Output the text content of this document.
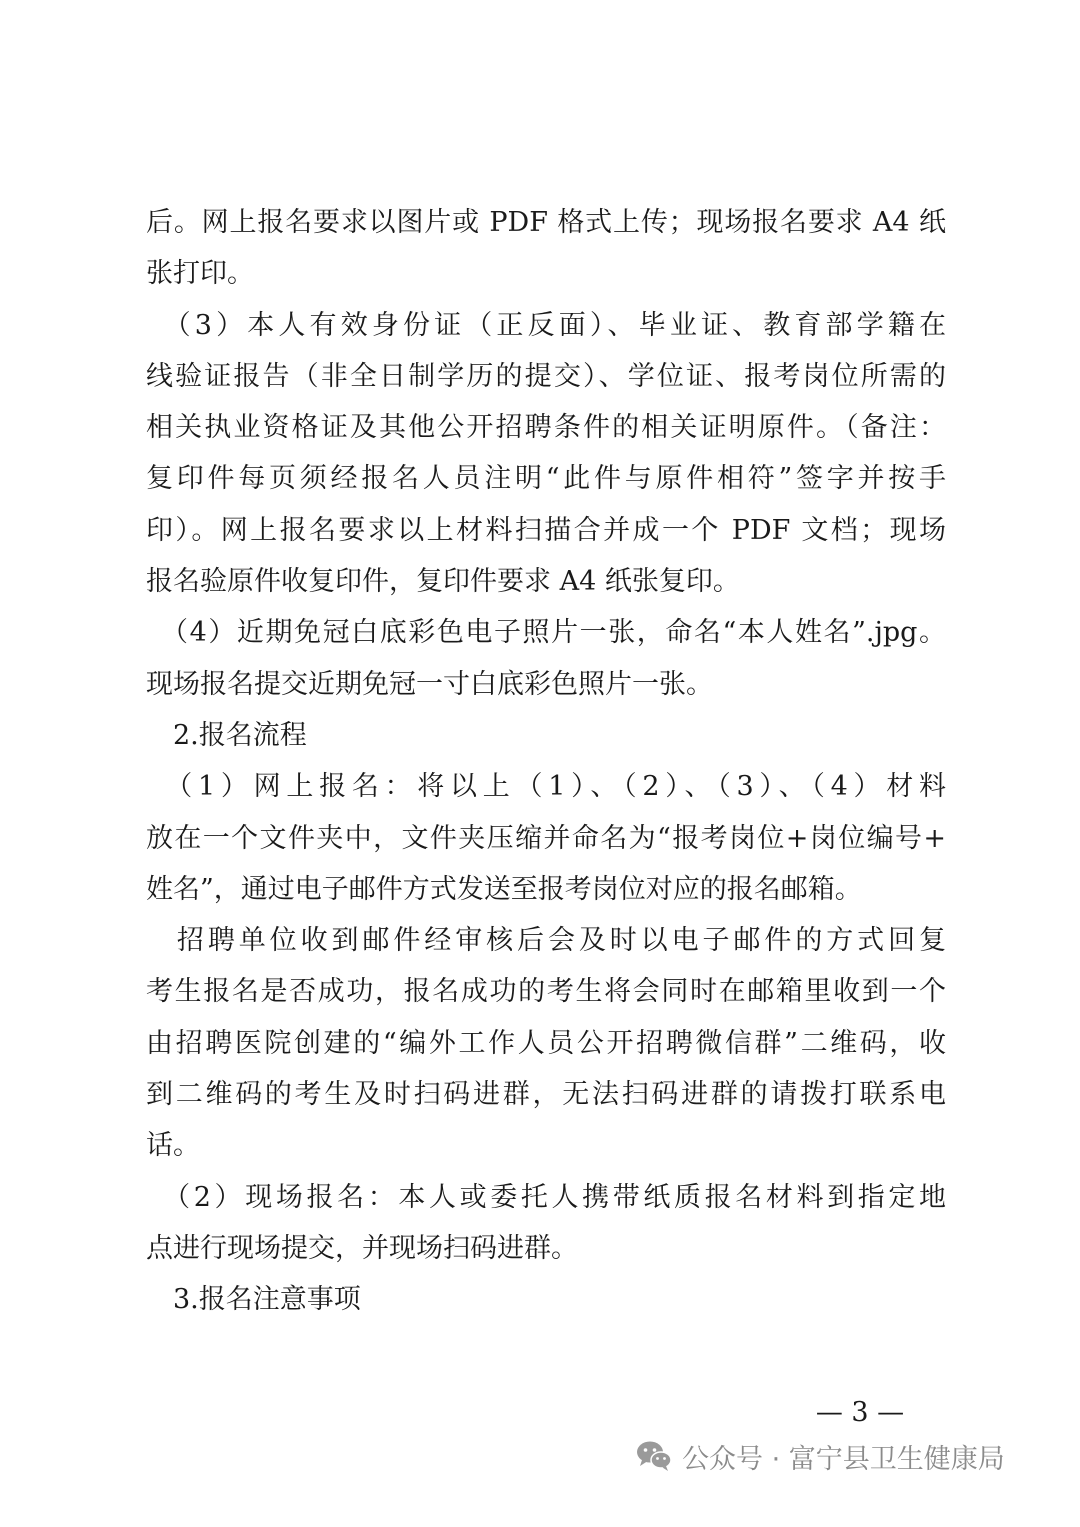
后。网上报名要求以图片或 PDF 格式上传；现场报名要求 A4 纸
张打印。
　（3）本人有效身份证（正反面）、毕业证、教育部学籍在
线验证报告（非全日制学历的提交）、学位证、报考岗位所需的
相关执业资格证及其他公开招聘条件的相关证明原件。（备注：
复印件每页须经报名人员注明“此件与原件相符”签字并按手
印）。网上报名要求以上材料扫描合并成一个 PDF 文档；现场
报名验原件收复印件，复印件要求 A4 纸张复印。
　（4）近期免冠白底彩色电子照片一张，命名“本人姓名”.jpg。
现场报名提交近期免冠一寸白底彩色照片一张。
　2.报名流程
　（1）网上报名：将以上（1）、（2）、（3）、（4）材料
放在一个文件夹中，文件夹压缩并命名为“报考岗位+岗位编号+
姓名”，通过电子邮件方式发送至报考岗位对应的报名邮箱。
　招聘单位收到邮件经审核后会及时以电子邮件的方式回复
考生报名是否成功，报名成功的考生将会同时在邮箱里收到一个
由招聘医院创建的“编外工作人员公开招聘微信群”二维码，收
到二维码的考生及时扫码进群，无法扫码进群的请拨打联系电
话。
　（2）现场报名：本人或委托人携带纸质报名材料到指定地
点进行现场提交，并现场扫码进群。
　3.报名注意事项
— 3 —
公众号 · 富宁县卫生健康局
